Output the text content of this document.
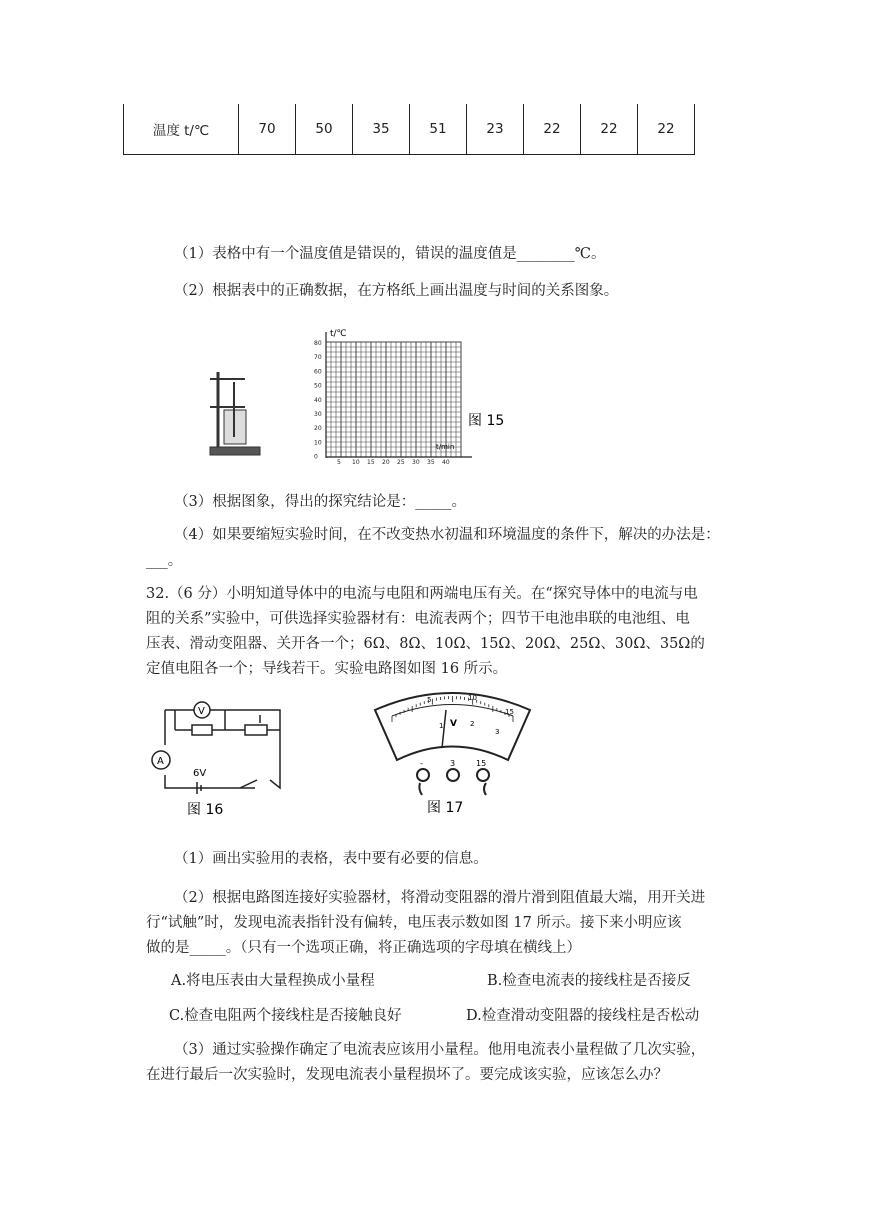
温度 t/℃	70	50	35	51	23	22	22	22
（1）表格中有一个温度值是错误的，错误的温度值是________℃。
（2）根据表中的正确数据，在方格纸上画出温度与时间的关系图象。
t/℃
t/min
80
70
60
50
40
30
20
10
0
5 10 15 20 25 30 35 40
图 15
（3）根据图象，得出的探究结论是：_____。
（4）如果要缩短实验时间，在不改变热水初温和环境温度的条件下，解决的办法是：
___。
32.（6 分）小明知道导体中的电流与电阻和两端电压有关。在“探究导体中的电流与电
阻的关系”实验中，可供选择实验器材有：电流表两个；四节干电池串联的电池组、电
压表、滑动变阻器、关开各一个；6Ω、8Ω、10Ω、15Ω、20Ω、25Ω、30Ω、35Ω的
定值电阻各一个；导线若干。实验电路图如图 16 所示。
V
A
6V
图 16
5	10
15
1	2
3
V
-	3	15
图 17
（1）画出实验用的表格，表中要有必要的信息。
（2）根据电路图连接好实验器材，将滑动变阻器的滑片滑到阻值最大端，用开关进
行“试触”时，发现电流表指针没有偏转，电压表示数如图 17 所示。接下来小明应该
做的是_____。（只有一个选项正确，将正确选项的字母填在横线上）
A.将电压表由大量程换成小量程	B.检查电流表的接线柱是否接反
C.检查电阻两个接线柱是否接触良好	D.检查滑动变阻器的接线柱是否松动
（3）通过实验操作确定了电流表应该用小量程。他用电流表小量程做了几次实验，
在进行最后一次实验时，发现电流表小量程损坏了。要完成该实验，应该怎么办？
